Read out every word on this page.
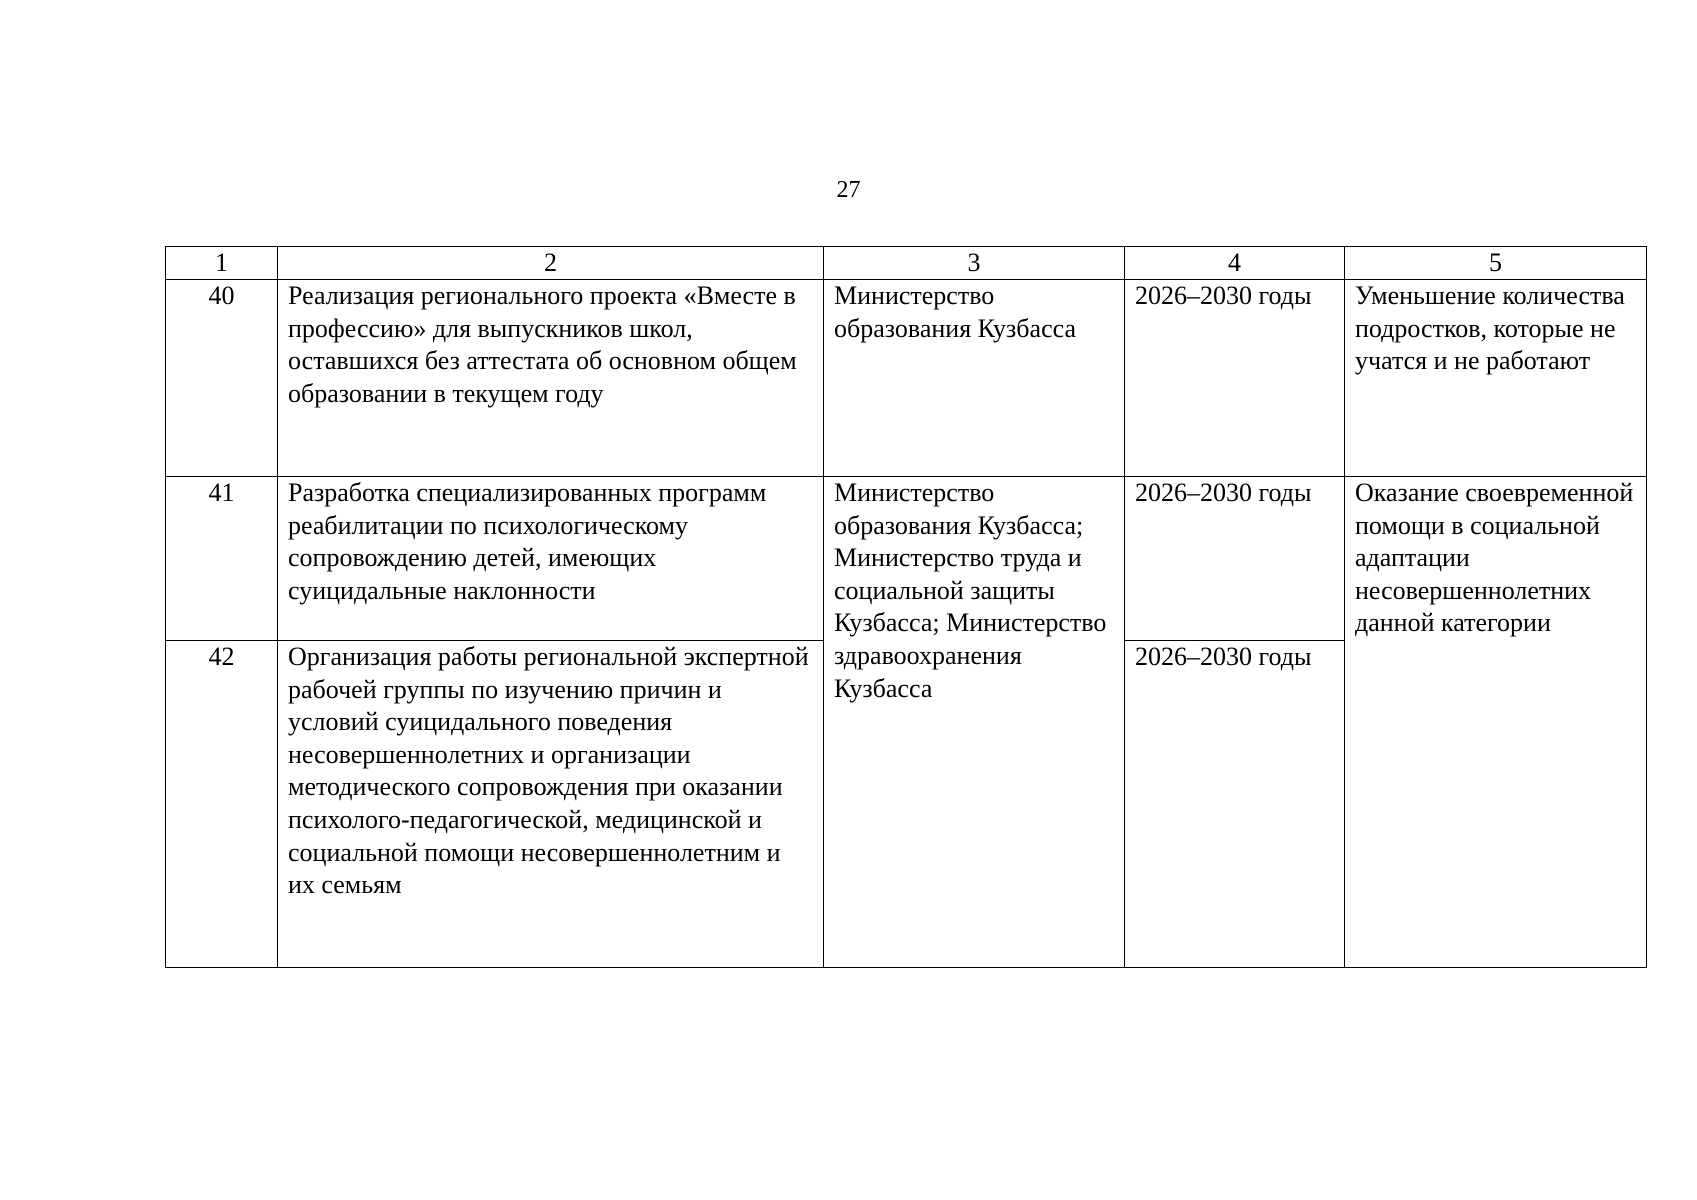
27
1	2	3	4	5
40	Реализация регионального проекта «Вместе в профессию» для выпускников школ, оставшихся без аттестата об основном общем образовании в текущем году	Министерство образования Кузбасса	2026–2030 годы	Уменьшение количества подростков, которые не учатся и не работают
41	Разработка специализированных программ реабилитации по психологическому сопровождению детей, имеющих суицидальные наклонности	Министерство образования Кузбасса; Министерство труда и социальной защиты Кузбасса; Министерство здравоохранения Кузбасса	2026–2030 годы	Оказание своевременной помощи в социальной адаптации несовершеннолетних данной категории
42	Организация работы региональной экспертной рабочей группы по изучению причин и условий суицидального поведения несовершеннолетних и организации методического сопровождения при оказании психолого-педагогической, медицинской и социальной помощи несовершеннолетним и их семьям		2026–2030 годы	
